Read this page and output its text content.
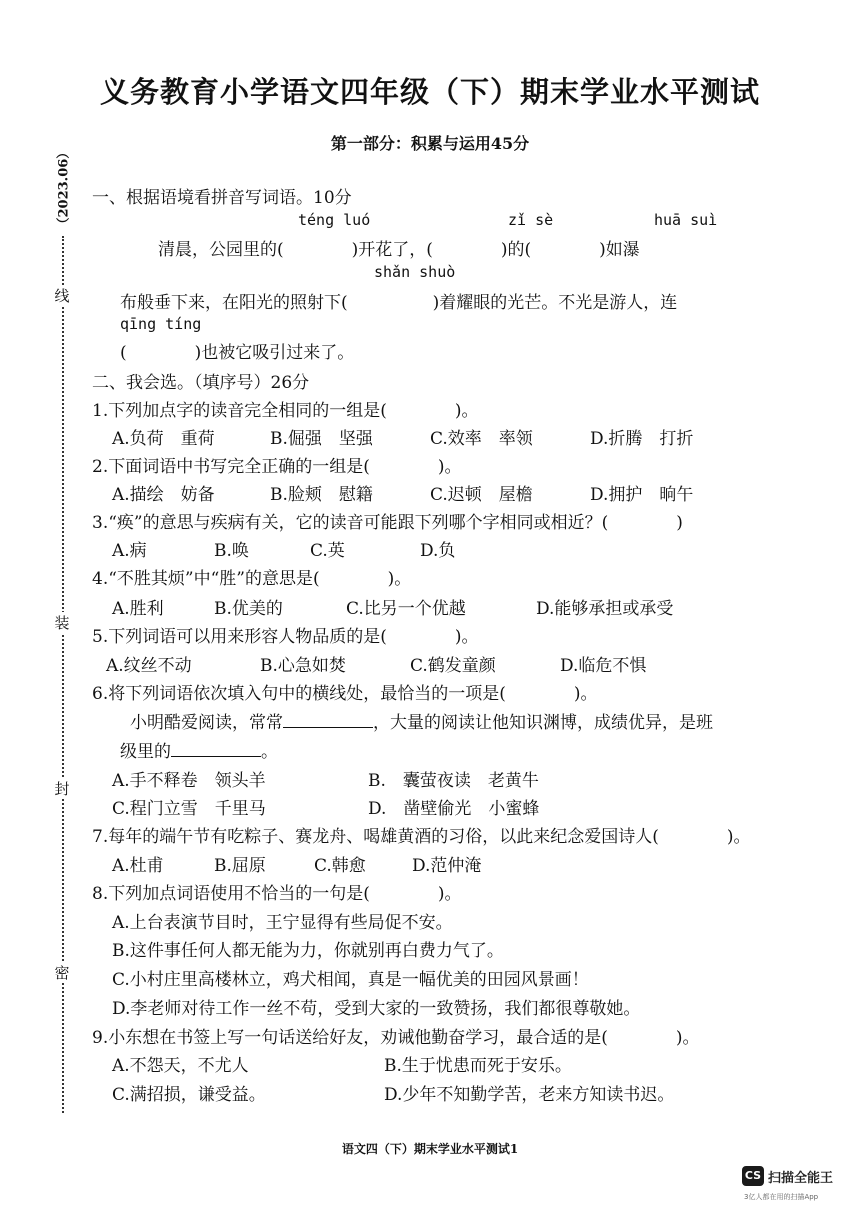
义务教育小学语文四年级（下）期末学业水平测试
第一部分：积累与运用45分
（2023.06）
线
装
封
密
一、根据语境看拼音写词语。10分
téng luó	zǐ sè	huā suì
清晨，公园里的(　　　　)开花了，(　　　　)的(　　　　)如瀑
shǎn shuò
布般垂下来，在阳光的照射下(　　　　　)着耀眼的光芒。不光是游人，连
qīng tíng
(　　　　)也被它吸引过来了。
二、我会选。（填序号）26分
1.下列加点字的读音完全相同的一组是(　　　　)。
A.负荷　重荷	B.倔强　坚强	C.效率　率领	D.折腾　打折
2.下面词语中书写完全正确的一组是(　　　　)。
A.描绘　妨备	B.脸颊　慰籍	C.迟顿　屋檐	D.拥护　晌午
3.“痪”的意思与疾病有关，它的读音可能跟下列哪个字相同或相近？(　　　　)
A.病	B.唤	C.英	D.负
4.“不胜其烦”中“胜”的意思是(　　　　)。
A.胜利	B.优美的	C.比另一个优越	D.能够承担或承受
5.下列词语可以用来形容人物品质的是(　　　　)。
A.纹丝不动	B.心急如焚	C.鹤发童颜	D.临危不惧
6.将下列词语依次填入句中的横线处，最恰当的一项是(　　　　)。
小明酷爱阅读，常常	，大量的阅读让他知识渊博，成绩优异，是班
级里的	。
A.手不释卷　领头羊	B.　囊萤夜读　老黄牛
C.程门立雪　千里马	D.　凿壁偷光　小蜜蜂
7.每年的端午节有吃粽子、赛龙舟、喝雄黄酒的习俗，以此来纪念爱国诗人(　　　　)。
A.杜甫	B.屈原	C.韩愈	D.范仲淹
8.下列加点词语使用不恰当的一句是(　　　　)。
A.上台表演节目时，王宁显得有些局促不安。
B.这件事任何人都无能为力，你就别再白费力气了。
C.小村庄里高楼林立，鸡犬相闻，真是一幅优美的田园风景画！
D.李老师对待工作一丝不苟，受到大家的一致赞扬，我们都很尊敬她。
9.小东想在书签上写一句话送给好友，劝诫他勤奋学习，最合适的是(　　　　)。
A.不怨天，不尤人	B.生于忧患而死于安乐。
C.满招损，谦受益。	D.少年不知勤学苦，老来方知读书迟。
语文四（下）期末学业水平测试1
CS 扫描全能王
3亿人都在用的扫描App
